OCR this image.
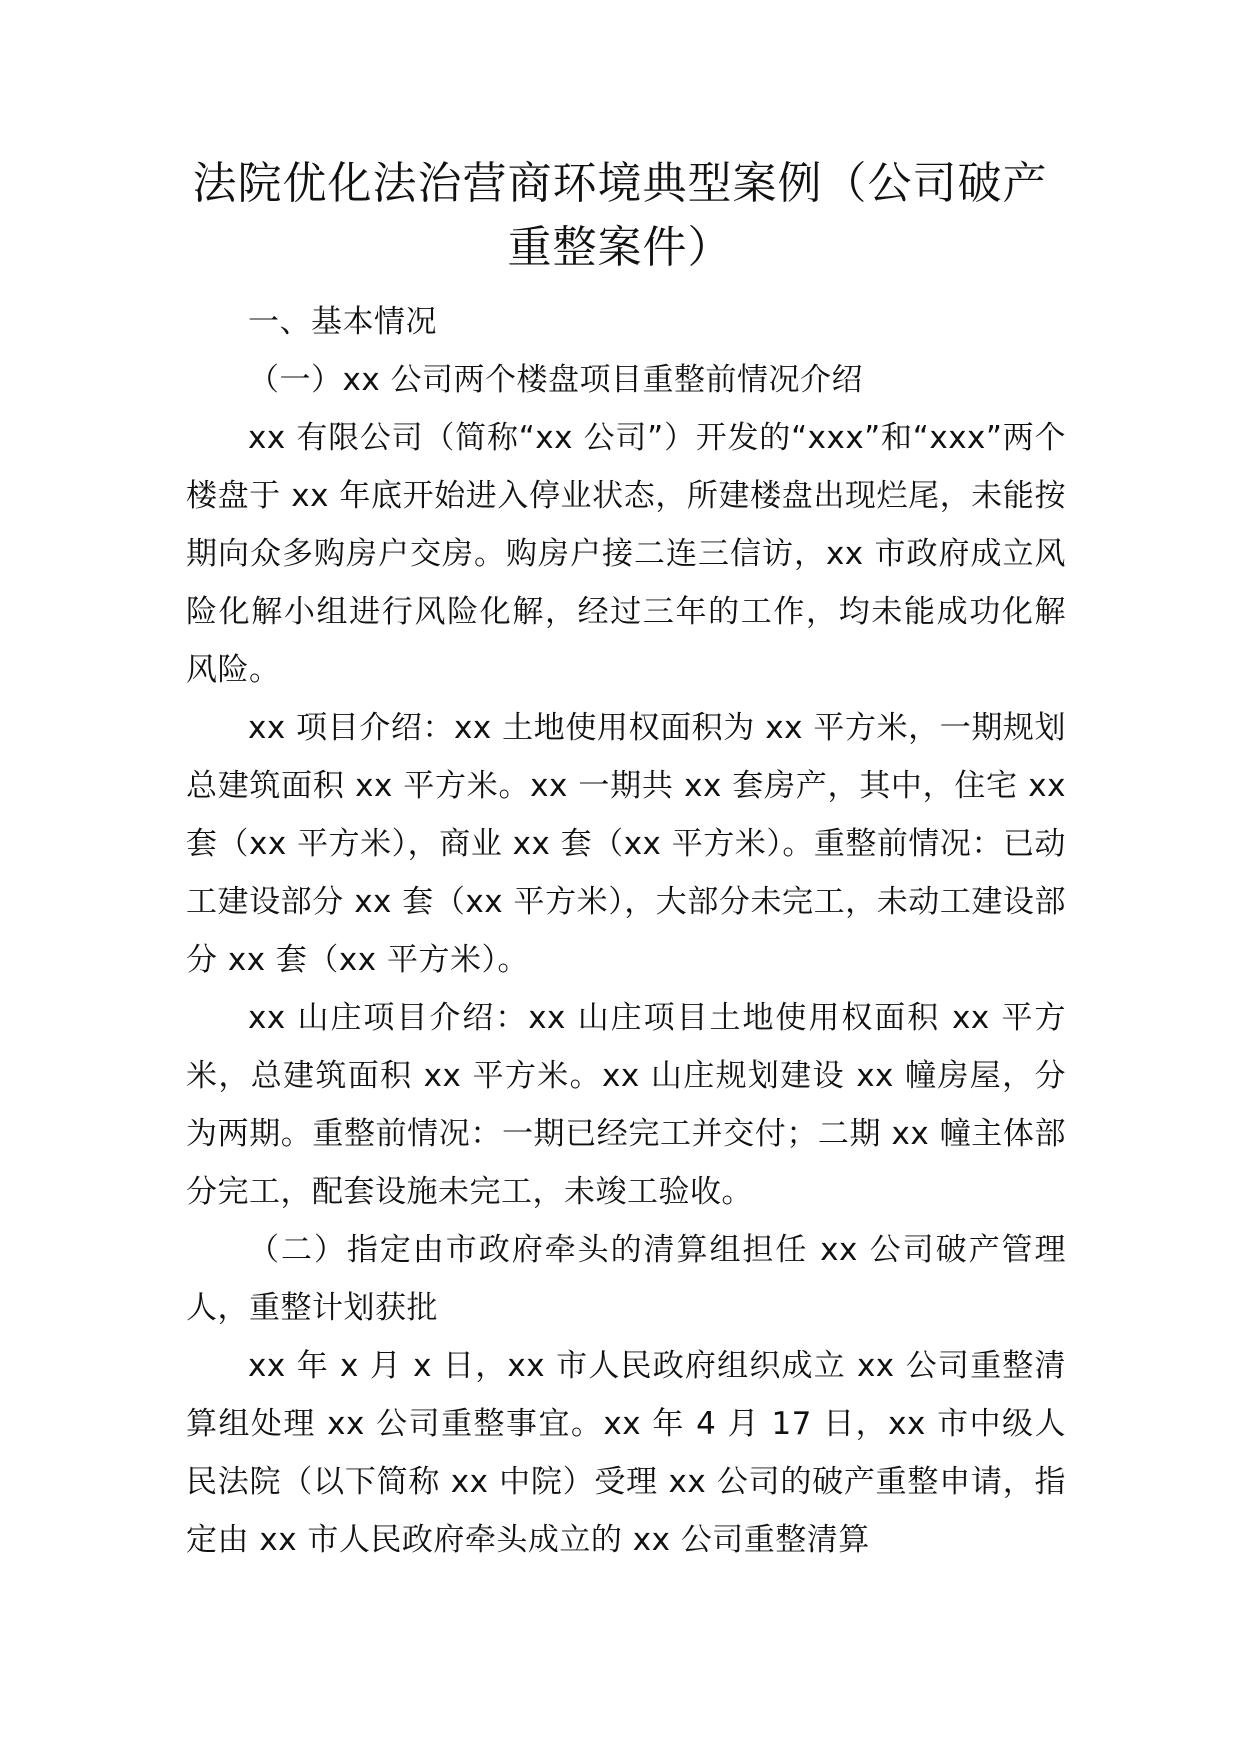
法院优化法治营商环境典型案例（公司破产重整案件）

一、基本情况

（一）xx 公司两个楼盘项目重整前情况介绍

xx 有限公司（简称“xx 公司”）开发的“xxx”和“xxx”两个楼盘于 xx 年底开始进入停业状态，所建楼盘出现烂尾，未能按期向众多购房户交房。购房户接二连三信访，xx 市政府成立风险化解小组进行风险化解，经过三年的工作，均未能成功化解风险。

xx 项目介绍：xx 土地使用权面积为 xx 平方米，一期规划总建筑面积 xx 平方米。xx 一期共 xx 套房产，其中，住宅 xx 套（xx 平方米），商业 xx 套（xx 平方米）。重整前情况：已动工建设部分 xx 套（xx 平方米），大部分未完工，未动工建设部分 xx 套（xx 平方米）。

xx 山庄项目介绍：xx 山庄项目土地使用权面积 xx 平方米，总建筑面积 xx 平方米。xx 山庄规划建设 xx 幢房屋，分为两期。重整前情况：一期已经完工并交付；二期 xx 幢主体部分完工，配套设施未完工，未竣工验收。

（二）指定由市政府牵头的清算组担任 xx 公司破产管理人，重整计划获批

xx 年 x 月 x 日，xx 市人民政府组织成立 xx 公司重整清算组处理 xx 公司重整事宜。xx 年 4 月 17 日，xx 市中级人民法院（以下简称 xx 中院）受理 xx 公司的破产重整申请，指定由 xx 市人民政府牵头成立的 xx 公司重整清算
